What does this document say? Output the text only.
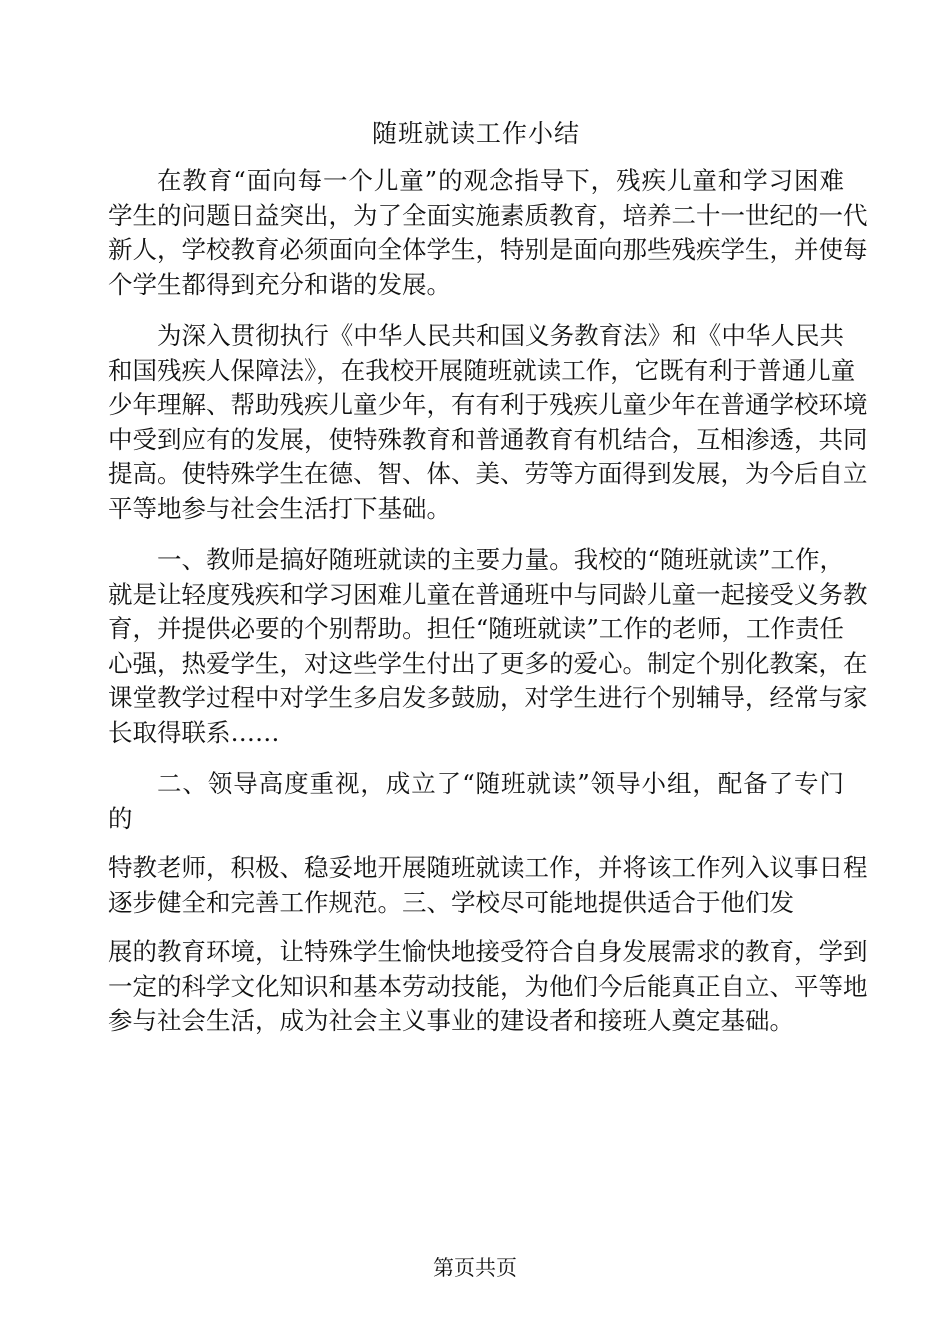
随班就读工作小结
在教育“面向每一个儿童”的观念指导下，残疾儿童和学习困难
学生的问题日益突出，为了全面实施素质教育，培养二十一世纪的一代
新人，学校教育必须面向全体学生，特别是面向那些残疾学生，并使每
个学生都得到充分和谐的发展。
为深入贯彻执行《中华人民共和国义务教育法》和《中华人民共
和国残疾人保障法》，在我校开展随班就读工作，它既有利于普通儿童
少年理解、帮助残疾儿童少年，有有利于残疾儿童少年在普通学校环境
中受到应有的发展，使特殊教育和普通教育有机结合，互相渗透，共同
提高。使特殊学生在德、智、体、美、劳等方面得到发展，为今后自立
平等地参与社会生活打下基础。
一、教师是搞好随班就读的主要力量。我校的“随班就读”工作，
就是让轻度残疾和学习困难儿童在普通班中与同龄儿童一起接受义务教
育，并提供必要的个别帮助。担任“随班就读”工作的老师，工作责任
心强，热爱学生，对这些学生付出了更多的爱心。制定个别化教案，在
课堂教学过程中对学生多启发多鼓励，对学生进行个别辅导，经常与家
长取得联系……
二、领导高度重视，成立了“随班就读”领导小组，配备了专门
的
特教老师，积极、稳妥地开展随班就读工作，并将该工作列入议事日程
逐步健全和完善工作规范。三、学校尽可能地提供适合于他们发
展的教育环境，让特殊学生愉快地接受符合自身发展需求的教育，学到
一定的科学文化知识和基本劳动技能，为他们今后能真正自立、平等地
参与社会生活，成为社会主义事业的建设者和接班人奠定基础。
第页共页
